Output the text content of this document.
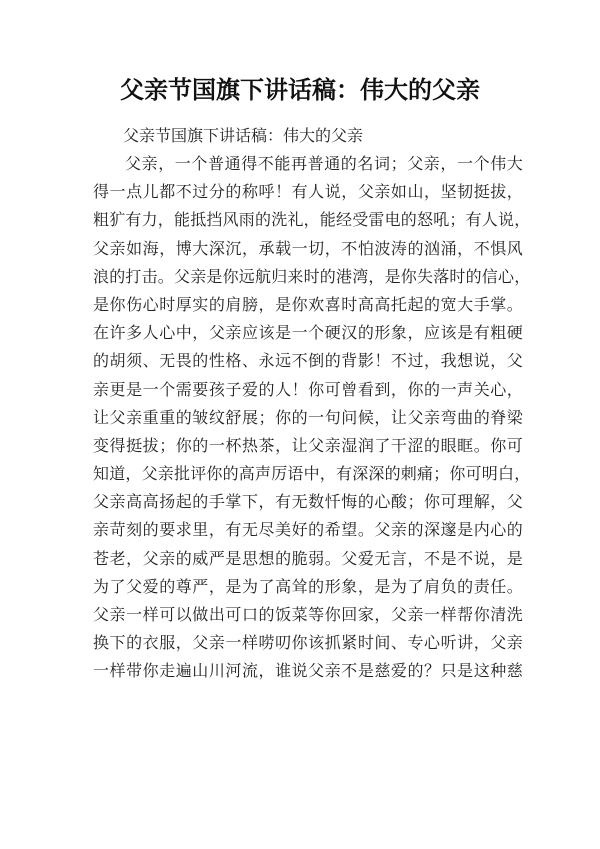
父亲节国旗下讲话稿：伟大的父亲
父亲节国旗下讲话稿：伟大的父亲
父亲，一个普通得不能再普通的名词；父亲，一个伟大
得一点儿都不过分的称呼！有人说，父亲如山，坚韧挺拔，
粗犷有力，能抵挡风雨的洗礼，能经受雷电的怒吼；有人说，
父亲如海，博大深沉，承载一切，不怕波涛的汹涌，不惧风
浪的打击。父亲是你远航归来时的港湾，是你失落时的信心，
是你伤心时厚实的肩膀，是你欢喜时高高托起的宽大手掌。
在许多人心中，父亲应该是一个硬汉的形象，应该是有粗硬
的胡须、无畏的性格、永远不倒的背影！不过，我想说，父
亲更是一个需要孩子爱的人！你可曾看到，你的一声关心，
让父亲重重的皱纹舒展；你的一句问候，让父亲弯曲的脊梁
变得挺拔；你的一杯热茶，让父亲湿润了干涩的眼眶。你可
知道，父亲批评你的高声厉语中，有深深的刺痛；你可明白，
父亲高高扬起的手掌下，有无数忏悔的心酸；你可理解，父
亲苛刻的要求里，有无尽美好的希望。父亲的深邃是内心的
苍老，父亲的威严是思想的脆弱。父爱无言，不是不说，是
为了父爱的尊严，是为了高耸的形象，是为了肩负的责任。
父亲一样可以做出可口的饭菜等你回家，父亲一样帮你清洗
换下的衣服，父亲一样唠叨你该抓紧时间、专心听讲，父亲
一样带你走遍山川河流，谁说父亲不是慈爱的？只是这种慈
